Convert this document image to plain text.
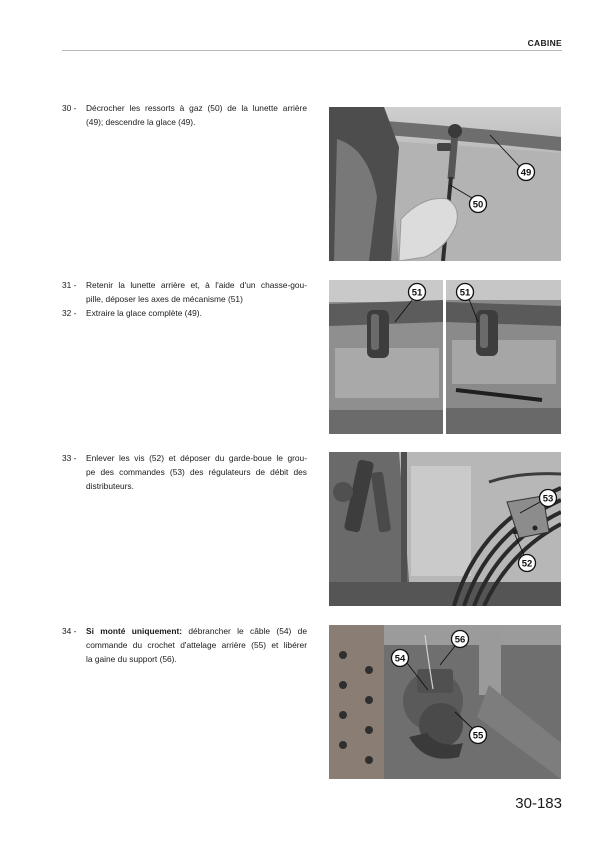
CABINE
30 - Décrocher les ressorts à gaz (50) de la lunette arrière
(49); descendre la glace (49).
49
50
31 - Retenir la lunette arrière et, à l'aide d'un chasse-gou-
pille, déposer les axes de mécanisme (51)
32 - Extraire la glace complète (49).
51	51
33 - Enlever les vis (52) et déposer du garde-boue le grou-
pe des commandes (53) des régulateurs de débit des
distributeurs.
53
52
34 - Si monté uniquement: débrancher le câble (54) de
commande du crochet d'attelage arrière (55) et libérer
la gaine du support (56).
56
54
55
30-183
